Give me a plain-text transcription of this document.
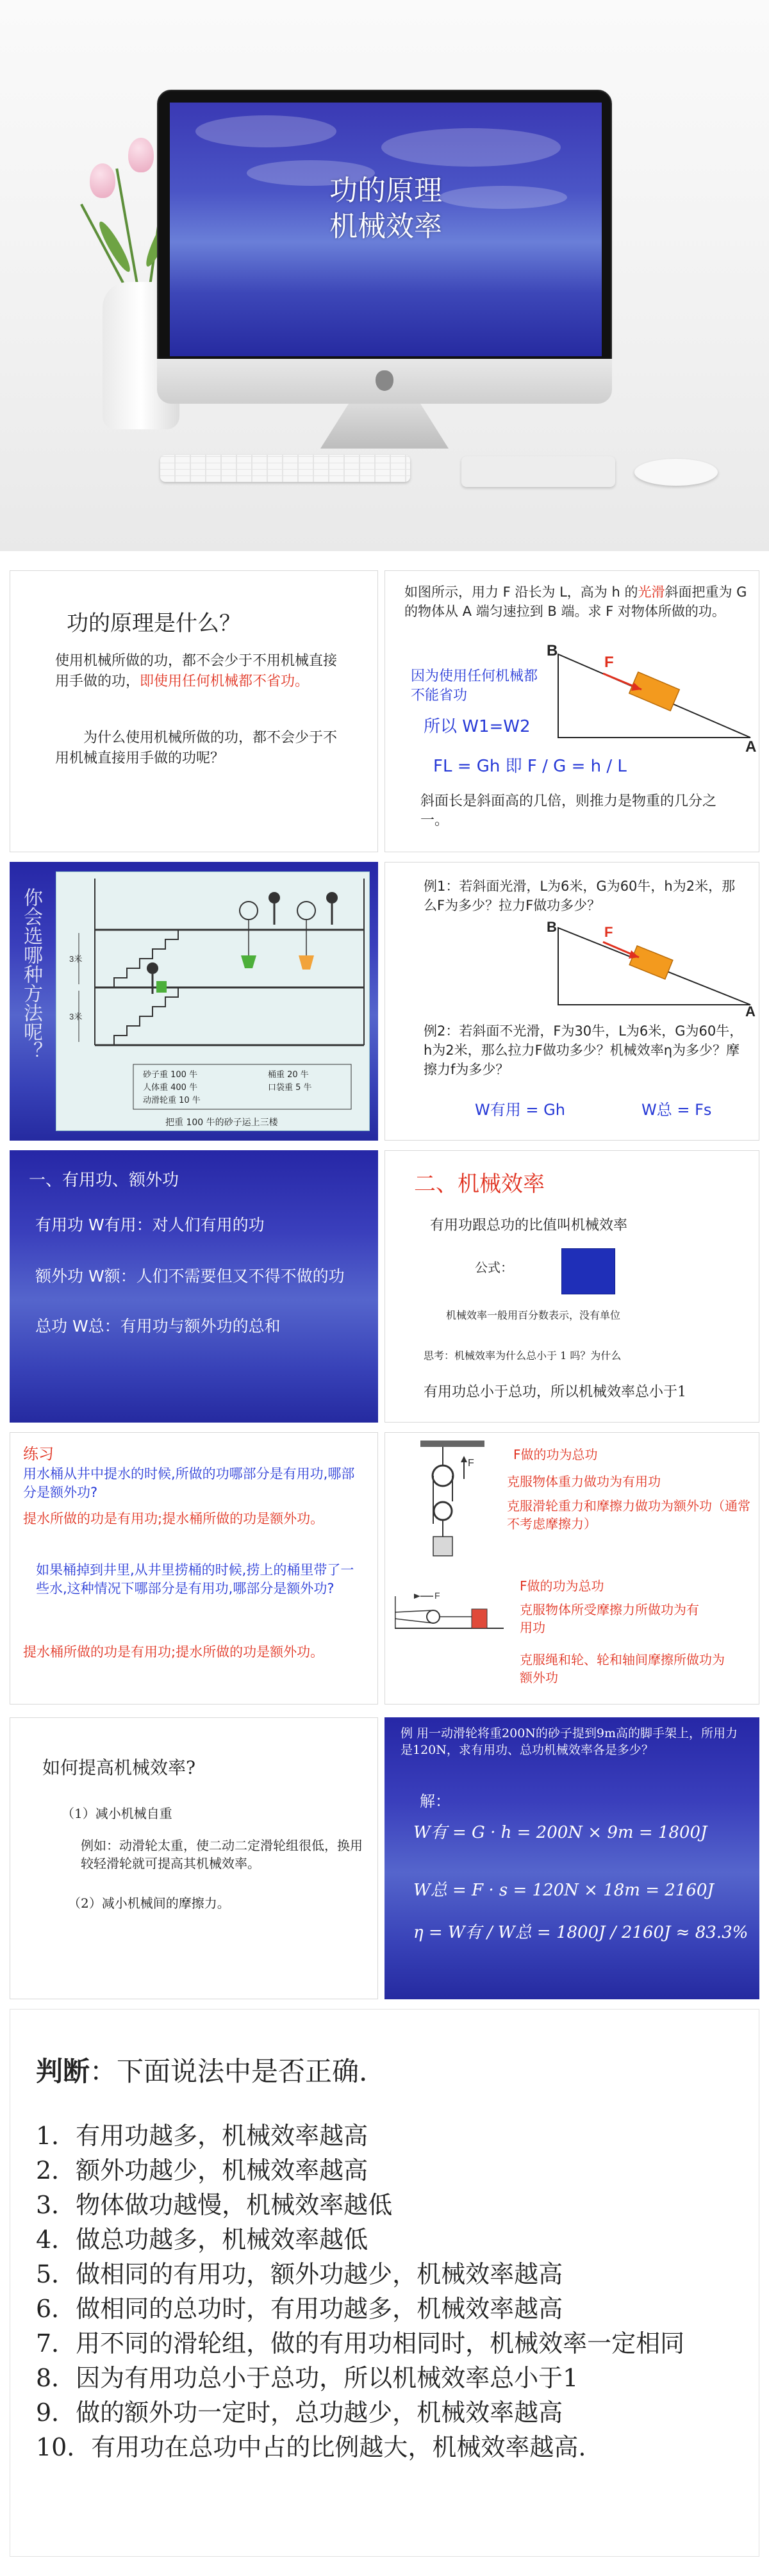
功的原理
机械效率
功的原理是什么？
使用机械所做的功，都不会少于不用机械直接用手做的功，即使用任何机械都不省功。
为什么使用机械所做的功，都不会少于不用机械直接用手做的功呢？
如图所示，用力 F 沿长为 L，高为 h 的光滑斜面把重为 G 的物体从 A 端匀速拉到 B 端。求 F 对物体所做的功。
因为使用任何机械都不能省功
所以 W1=W2
FL = Gh 即 F / G = h / L
斜面长是斜面高的几倍，则推力是物重的几分之一。
F
B
A
你会选哪种方法呢？	3米
3米
砂子重 100 牛
人体重 400 牛
动滑轮重 10 牛
桶重 20 牛
口袋重 5 牛
把重 100 牛的砂子运上三楼
例1：若斜面光滑，L为6米，G为60牛，h为2米，那么F为多少？拉力F做功多少？
F
B
A
例2：若斜面不光滑，F为30牛，L为6米，G为60牛，h为2米，那么拉力F做功多少？机械效率η为多少？摩擦力f为多少？
W有用 = Gh	W总 = Fs
一、有用功、额外功
有用功 W有用：对人们有用的功
额外功 W额：人们不需要但又不得不做的功
总功 W总：有用功与额外功的总和
二、机械效率
有用功跟总功的比值叫机械效率
公式：
机械效率一般用百分数表示，没有单位
思考：机械效率为什么总小于 1 吗？为什么
有用功总小于总功，所以机械效率总小于1
练习
用水桶从井中提水的时候,所做的功哪部分是有用功,哪部分是额外功?
提水所做的功是有用功;提水桶所做的功是额外功。
如果桶掉到井里,从井里捞桶的时候,捞上的桶里带了一些水,这种情况下哪部分是有用功,哪部分是额外功?
提水桶所做的功是有用功;提水所做的功是额外功。
F
F做的功为总功
克服物体重力做功为有用功
克服滑轮重力和摩擦力做功为额外功（通常不考虑摩擦力）
F
F做的功为总功
克服物体所受摩擦力所做功为有用功
克服绳和轮、轮和轴间摩擦所做功为额外功
如何提高机械效率?
（1）减小机械自重
例如：动滑轮太重，使二动二定滑轮组很低，换用较轻滑轮就可提高其机械效率。
（2）减小机械间的摩擦力。
例 用一动滑轮将重200N的砂子提到9m高的脚手架上，所用力是120N，求有用功、总功机械效率各是多少？
解：
W有 = G · h = 200N × 9m = 1800J
W总 = F · s = 120N × 18m = 2160J
η = W有 / W总 = 1800J / 2160J ≈ 83.3%
判断：下面说法中是否正确.
1．有用功越多，机械效率越高
2．额外功越少，机械效率越高
3．物体做功越慢，机械效率越低
4．做总功越多，机械效率越低
5．做相同的有用功，额外功越少，机械效率越高
6．做相同的总功时，有用功越多，机械效率越高
7．用不同的滑轮组，做的有用功相同时，机械效率一定相同
8．因为有用功总小于总功，所以机械效率总小于1
9．做的额外功一定时，总功越少，机械效率越高
10．有用功在总功中占的比例越大，机械效率越高.
